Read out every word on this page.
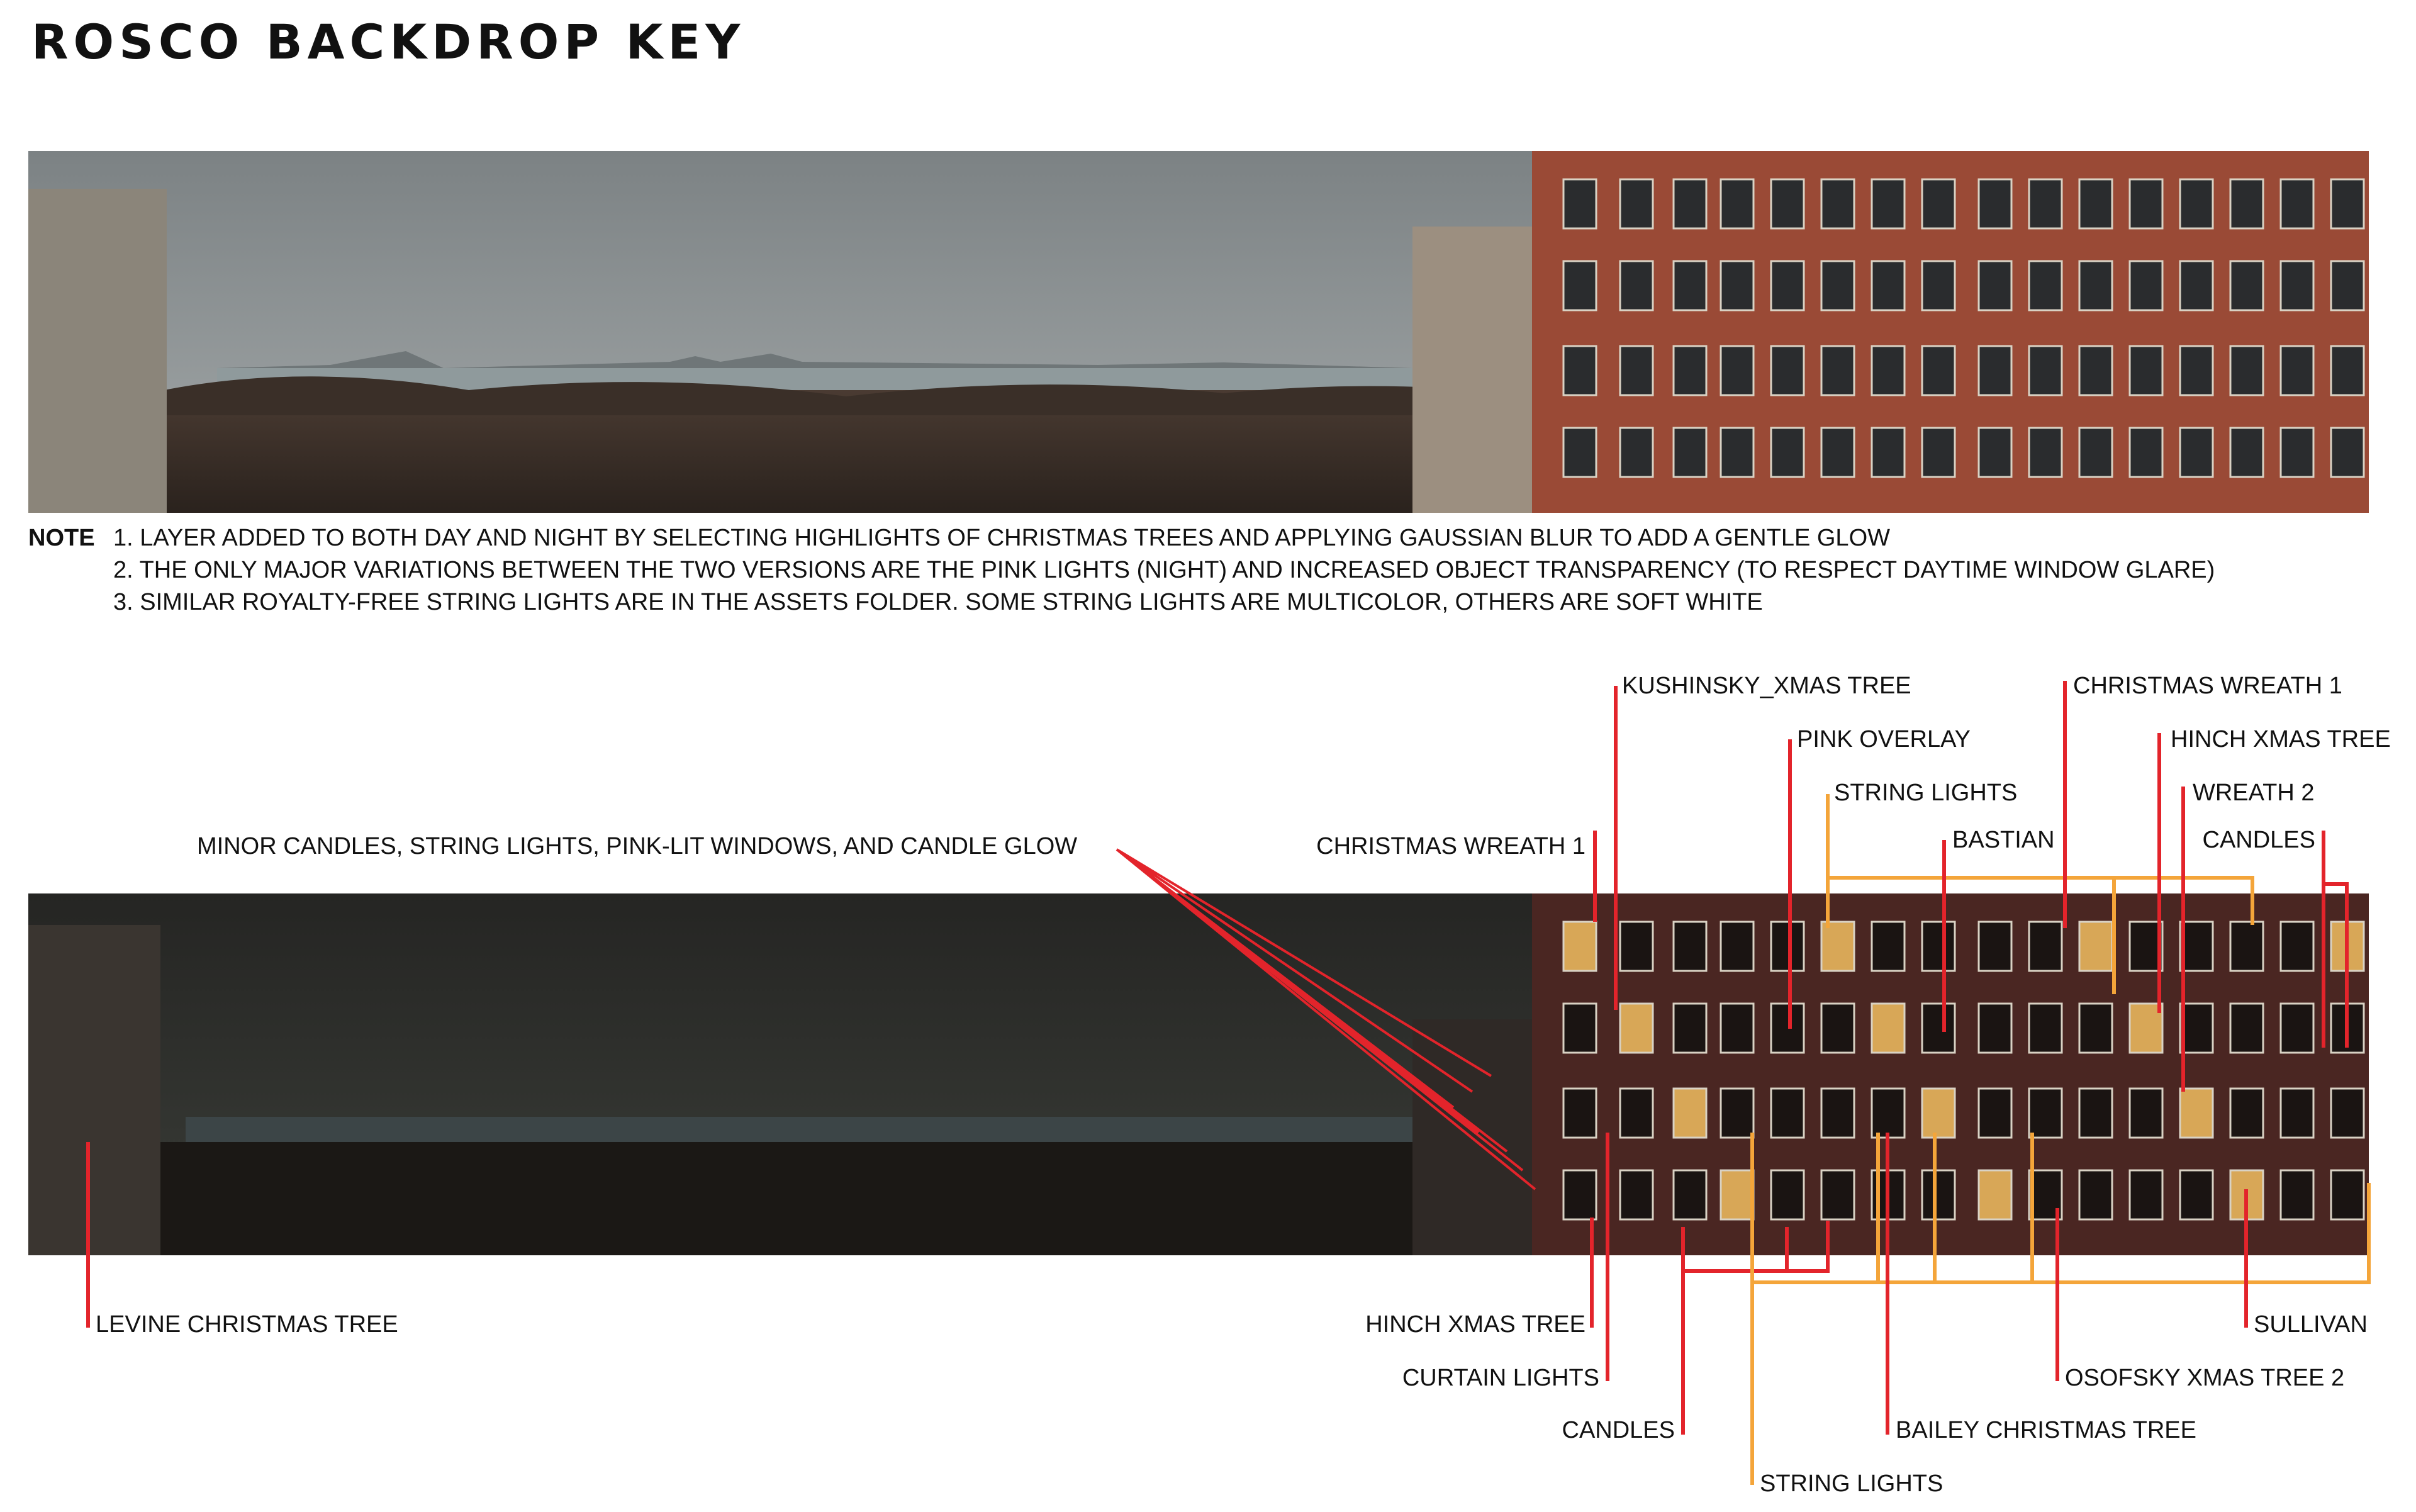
ROSCO BACKDROP KEY
NOTE 1. LAYER ADDED TO BOTH DAY AND NIGHT BY SELECTING HIGHLIGHTS OF CHRISTMAS TREES AND APPLYING GAUSSIAN BLUR TO ADD A GENTLE GLOW
2. THE ONLY MAJOR VARIATIONS BETWEEN THE TWO VERSIONS ARE THE PINK LIGHTS (NIGHT) AND INCREASED OBJECT TRANSPARENCY (TO RESPECT DAYTIME WINDOW GLARE)
3. SIMILAR ROYALTY-FREE STRING LIGHTS ARE IN THE ASSETS FOLDER. SOME STRING LIGHTS ARE MULTICOLOR, OTHERS ARE SOFT WHITE
KUSHINSKY_XMAS TREE	CHRISTMAS WREATH 1
PINK OVERLAY	HINCH XMAS TREE
STRING LIGHTS	WREATH 2
BASTIAN	CANDLES
MINOR CANDLES, STRING LIGHTS, PINK-LIT WINDOWS, AND CANDLE GLOW	CHRISTMAS WREATH 1
LEVINE CHRISTMAS TREE	HINCH XMAS TREE	SULLIVAN
CURTAIN LIGHTS	OSOFSKY XMAS TREE 2
CANDLES	BAILEY CHRISTMAS TREE
STRING LIGHTS
